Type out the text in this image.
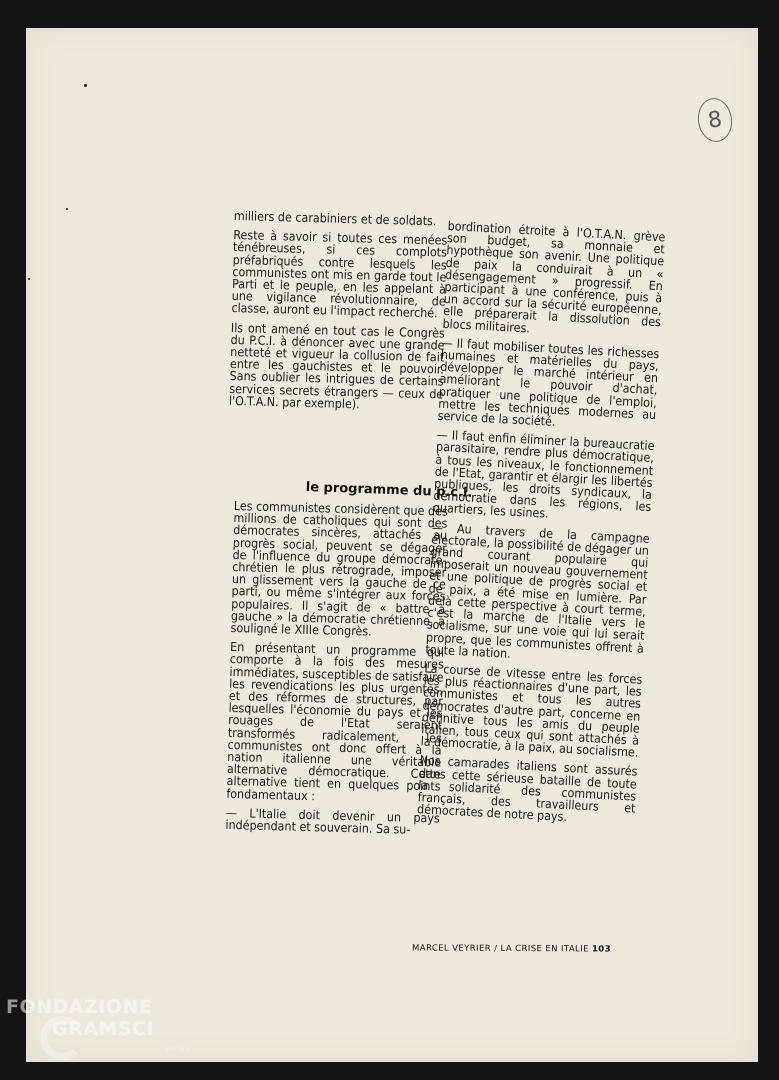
8

milliers de carabiniers et de soldats.

Reste à savoir si toutes ces menées ténébreuses, si ces complots préfabriqués contre lesquels les communistes ont mis en garde tout le Parti et le peuple, en les appelant à une vigilance révolutionnaire, de classe, auront eu l'impact recherché.

Ils ont amené en tout cas le Congrès du P.C.I. à dénoncer avec une grande netteté et vigueur la collusion de fait entre les gauchistes et le pouvoir. Sans oublier les intrigues de certains services secrets étrangers — ceux de l'O.T.A.N. par exemple).

le programme du p.c.i.

Les communistes considèrent que des millions de catholiques qui sont des démocrates sincères, attachés au progrès social, peuvent se dégager de l'influence du groupe démocrate-chrétien le plus rétrograde, imposer un glissement vers la gauche de ce parti, ou même s'intégrer aux forces populaires. Il s'agit de « battre à gauche » la démocratie chrétienne, a souligné le XIIIe Congrès.

En présentant un programme qui comporte à la fois des mesures immédiates, susceptibles de satisfaire les revendications les plus urgentes, et des réformes de structures, par lesquelles l'économie du pays et les rouages de l'Etat seraient transformés radicalement, les communistes ont donc offert à la nation italienne une véritable alternative démocratique. Cette alternative tient en quelques points fondamentaux :

— L'Italie doit devenir un pays indépendant et souverain. Sa su-

bordination étroite à l'O.T.A.N. grève son budget, sa monnaie et hypothèque son avenir. Une politique de paix la conduirait à un « désengagement » progressif. En participant à une conférence, puis à un accord sur la sécurité européenne, elle préparerait la dissolution des blocs militaires.

— Il faut mobiliser toutes les richesses humaines et matérielles du pays, développer le marché intérieur en améliorant le pouvoir d'achat, pratiquer une politique de l'emploi, mettre les techniques modernes au service de la société.

— Il faut enfin éliminer la bureaucratie parasitaire, rendre plus démocratique, à tous les niveaux, le fonctionnement de l'Etat, garantir et élargir les libertés publiques, les droits syndicaux, la démocratie dans les régions, les quartiers, les usines.

— Au travers de la campagne électorale, la possibilité de dégager un grand courant populaire qui imposerait un nouveau gouvernement et une politique de progrès social et de paix, a été mise en lumière. Par delà cette perspective à court terme, c'est la marche de l'Italie vers le socialisme, sur une voie qui lui serait propre, que les communistes offrent à toute la nation.

La course de vitesse entre les forces les plus réactionnaires d'une part, les communistes et tous les autres démocrates d'autre part, concerne en définitive tous les amis du peuple italien, tous ceux qui sont attachés à la démocratie, à la paix, au socialisme.

Nos camarades italiens sont assurés dans cette sérieuse bataille de toute la solidarité des communistes français, des travailleurs et démocrates de notre pays.

MARCEL VEYRIER / LA CRISE EN ITALIE 103
FONDAZIONE
GRAMSCI
onlus
